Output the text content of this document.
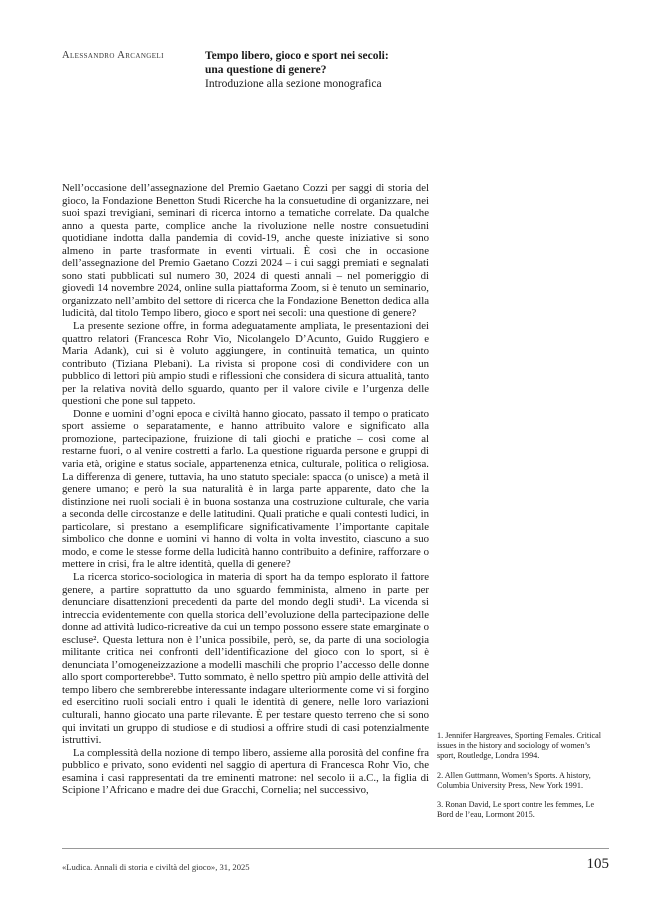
Alessandro Arcangeli	Tempo libero, gioco e sport nei secoli:
una questione di genere?

Introduzione alla sezione monografica

Nell’occasione dell’assegnazione del Premio Gaetano Cozzi per saggi di storia del gioco, la Fondazione Benetton Studi Ricerche ha la consuetudine di organizzare, nei suoi spazi trevigiani, seminari di ricerca intorno a tematiche correlate. Da qualche anno a questa parte, complice anche la rivoluzione nelle nostre consuetudini quotidiane indotta dalla pandemia di covid-19, anche queste iniziative si sono almeno in parte trasformate in eventi virtuali. È così che in occasione dell’assegnazione del Premio Gaetano Cozzi 2024 – i cui saggi premiati e segnalati sono stati pubblicati sul numero 30, 2024 di questi annali – nel pomeriggio di giovedì 14 novembre 2024, online sulla piattaforma Zoom, si è tenuto un seminario, organizzato nell’ambito del settore di ricerca che la Fondazione Benetton dedica alla ludicità, dal titolo Tempo libero, gioco e sport nei secoli: una questione di genere?

La presente sezione offre, in forma adeguatamente ampliata, le presentazioni dei quattro relatori (Francesca Rohr Vio, Nicolangelo D’Acunto, Guido Ruggiero e Maria Adank), cui si è voluto aggiungere, in continuità tematica, un quinto contributo (Tiziana Plebani). La rivista si propone così di condividere con un pubblico di lettori più ampio studi e riflessioni che considera di sicura attualità, tanto per la relativa novità dello sguardo, quanto per il valore civile e l’urgenza delle questioni che pone sul tappeto.

Donne e uomini d’ogni epoca e civiltà hanno giocato, passato il tempo o praticato sport assieme o separatamente, e hanno attribuito valore e significato alla promozione, partecipazione, fruizione di tali giochi e pratiche – così come al restarne fuori, o al venire costretti a farlo. La questione riguarda persone e gruppi di varia età, origine e status sociale, appartenenza etnica, culturale, politica o religiosa. La differenza di genere, tuttavia, ha uno statuto speciale: spacca (o unisce) a metà il genere umano; e però la sua naturalità è in larga parte apparente, dato che la distinzione nei ruoli sociali è in buona sostanza una costruzione culturale, che varia a seconda delle circostanze e delle latitudini. Quali pratiche e quali contesti ludici, in particolare, si prestano a esemplificare significativamente l’importante capitale simbolico che donne e uomini vi hanno di volta in volta investito, ciascuno a suo modo, e come le stesse forme della ludicità hanno contribuito a definire, rafforzare o mettere in crisi, fra le altre identità, quella di genere?

La ricerca storico-sociologica in materia di sport ha da tempo esplorato il fattore genere, a partire soprattutto da uno sguardo femminista, almeno in parte per denunciare disattenzioni precedenti da parte del mondo degli studi¹. La vicenda si intreccia evidentemente con quella storica dell’evoluzione della partecipazione delle donne ad attività ludico-ricreative da cui un tempo possono essere state emarginate o escluse². Questa lettura non è l’unica possibile, però, se, da parte di una sociologia militante critica nei confronti dell’identificazione del gioco con lo sport, si è denunciata l’omogeneizzazione a modelli maschili che proprio l’accesso delle donne allo sport comporterebbe³. Tutto sommato, è nello spettro più ampio delle attività del tempo libero che sembrerebbe interessante indagare ulteriormente come vi si forgino ed esercitino ruoli sociali entro i quali le identità di genere, nelle loro variazioni culturali, hanno giocato una parte rilevante. È per testare questo terreno che si sono qui invitati un gruppo di studiose e di studiosi a offrire studi di casi potenzialmente istruttivi.

La complessità della nozione di tempo libero, assieme alla porosità del confine fra pubblico e privato, sono evidenti nel saggio di apertura di Francesca Rohr Vio, che esamina i casi rappresentati da tre eminenti matrone: nel secolo ii a.C., la figlia di Scipione l’Africano e madre dei due Gracchi, Cornelia; nel successivo,

1. Jennifer Hargreaves, Sporting Females. Critical issues in the history and sociology of women’s sport, Routledge, Londra 1994.

2. Allen Guttmann, Women’s Sports. A history, Columbia University Press, New York 1991.

3. Ronan David, Le sport contre les femmes, Le Bord de l’eau, Lormont 2015.

«Ludica. Annali di storia e civiltà del gioco», 31, 2025	105
